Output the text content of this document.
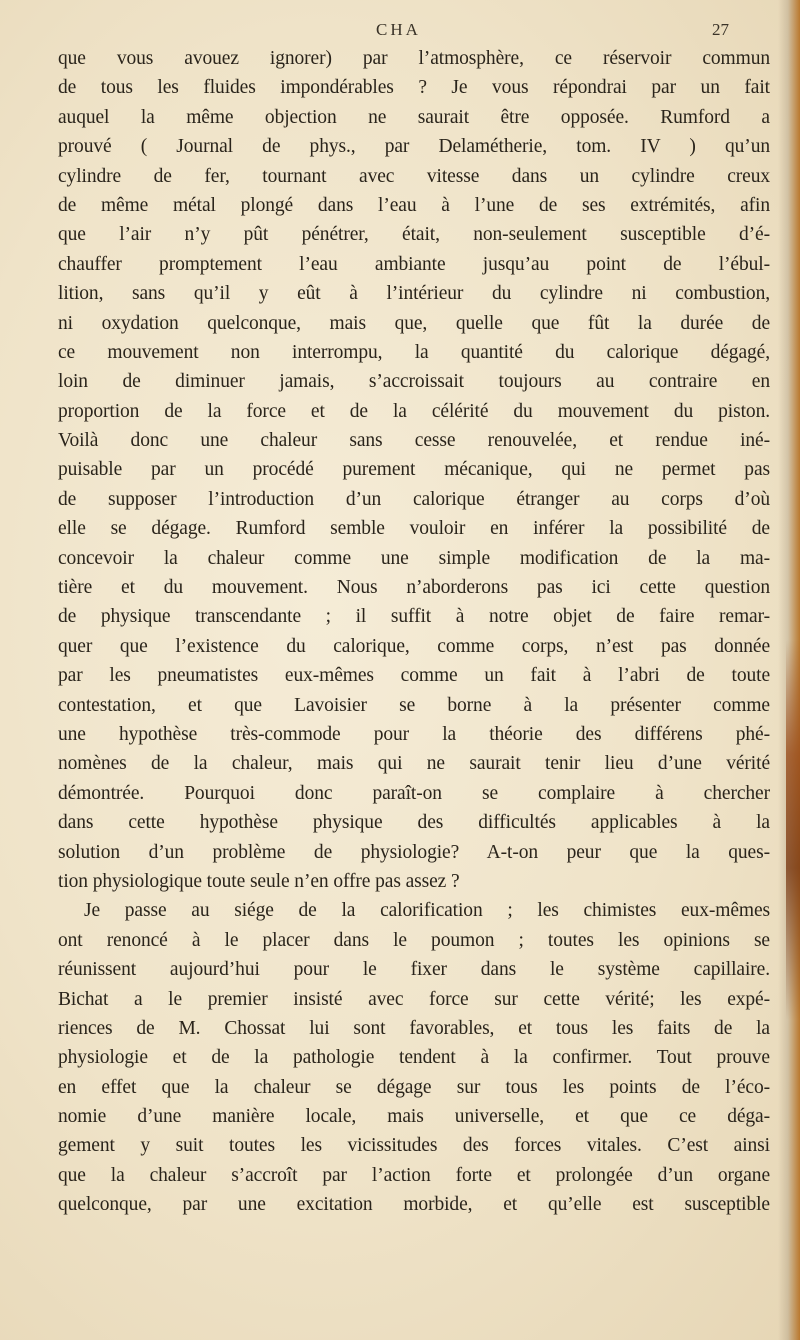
CHA	27
que vous avouez ignorer) par l’atmosphère, ce réservoir commun
de tous les fluides impondérables ? Je vous répondrai par un fait
auquel la même objection ne saurait être opposée. Rumford a
prouvé ( Journal de phys., par Delamétherie, tom. IV ) qu’un
cylindre de fer, tournant avec vitesse dans un cylindre creux
de même métal plongé dans l’eau à l’une de ses extrémités, afin
que l’air n’y pût pénétrer, était, non-seulement susceptible d’é-
chauffer promptement l’eau ambiante jusqu’au point de l’ébul-
lition, sans qu’il y eût à l’intérieur du cylindre ni combustion,
ni oxydation quelconque, mais que, quelle que fût la durée de
ce mouvement non interrompu, la quantité du calorique dégagé,
loin de diminuer jamais, s’accroissait toujours au contraire en
proportion de la force et de la célérité du mouvement du piston.
Voilà donc une chaleur sans cesse renouvelée, et rendue iné-
puisable par un procédé purement mécanique, qui ne permet pas
de supposer l’introduction d’un calorique étranger au corps d’où
elle se dégage. Rumford semble vouloir en inférer la possibilité de
concevoir la chaleur comme une simple modification de la ma-
tière et du mouvement. Nous n’aborderons pas ici cette question
de physique transcendante ; il suffit à notre objet de faire remar-
quer que l’existence du calorique, comme corps, n’est pas donnée
par les pneumatistes eux-mêmes comme un fait à l’abri de toute
contestation, et que Lavoisier se borne à la présenter comme
une hypothèse très-commode pour la théorie des différens phé-
nomènes de la chaleur, mais qui ne saurait tenir lieu d’une vérité
démontrée. Pourquoi donc paraît-on se complaire à chercher
dans cette hypothèse physique des difficultés applicables à la
solution d’un problème de physiologie? A-t-on peur que la ques-
tion physiologique toute seule n’en offre pas assez ?
Je passe au siége de la calorification ; les chimistes eux-mêmes
ont renoncé à le placer dans le poumon ; toutes les opinions se
réunissent aujourd’hui pour le fixer dans le système capillaire.
Bichat a le premier insisté avec force sur cette vérité; les expé-
riences de M. Chossat lui sont favorables, et tous les faits de la
physiologie et de la pathologie tendent à la confirmer. Tout prouve
en effet que la chaleur se dégage sur tous les points de l’éco-
nomie d’une manière locale, mais universelle, et que ce déga-
gement y suit toutes les vicissitudes des forces vitales. C’est ainsi
que la chaleur s’accroît par l’action forte et prolongée d’un organe
quelconque, par une excitation morbide, et qu’elle est susceptible
